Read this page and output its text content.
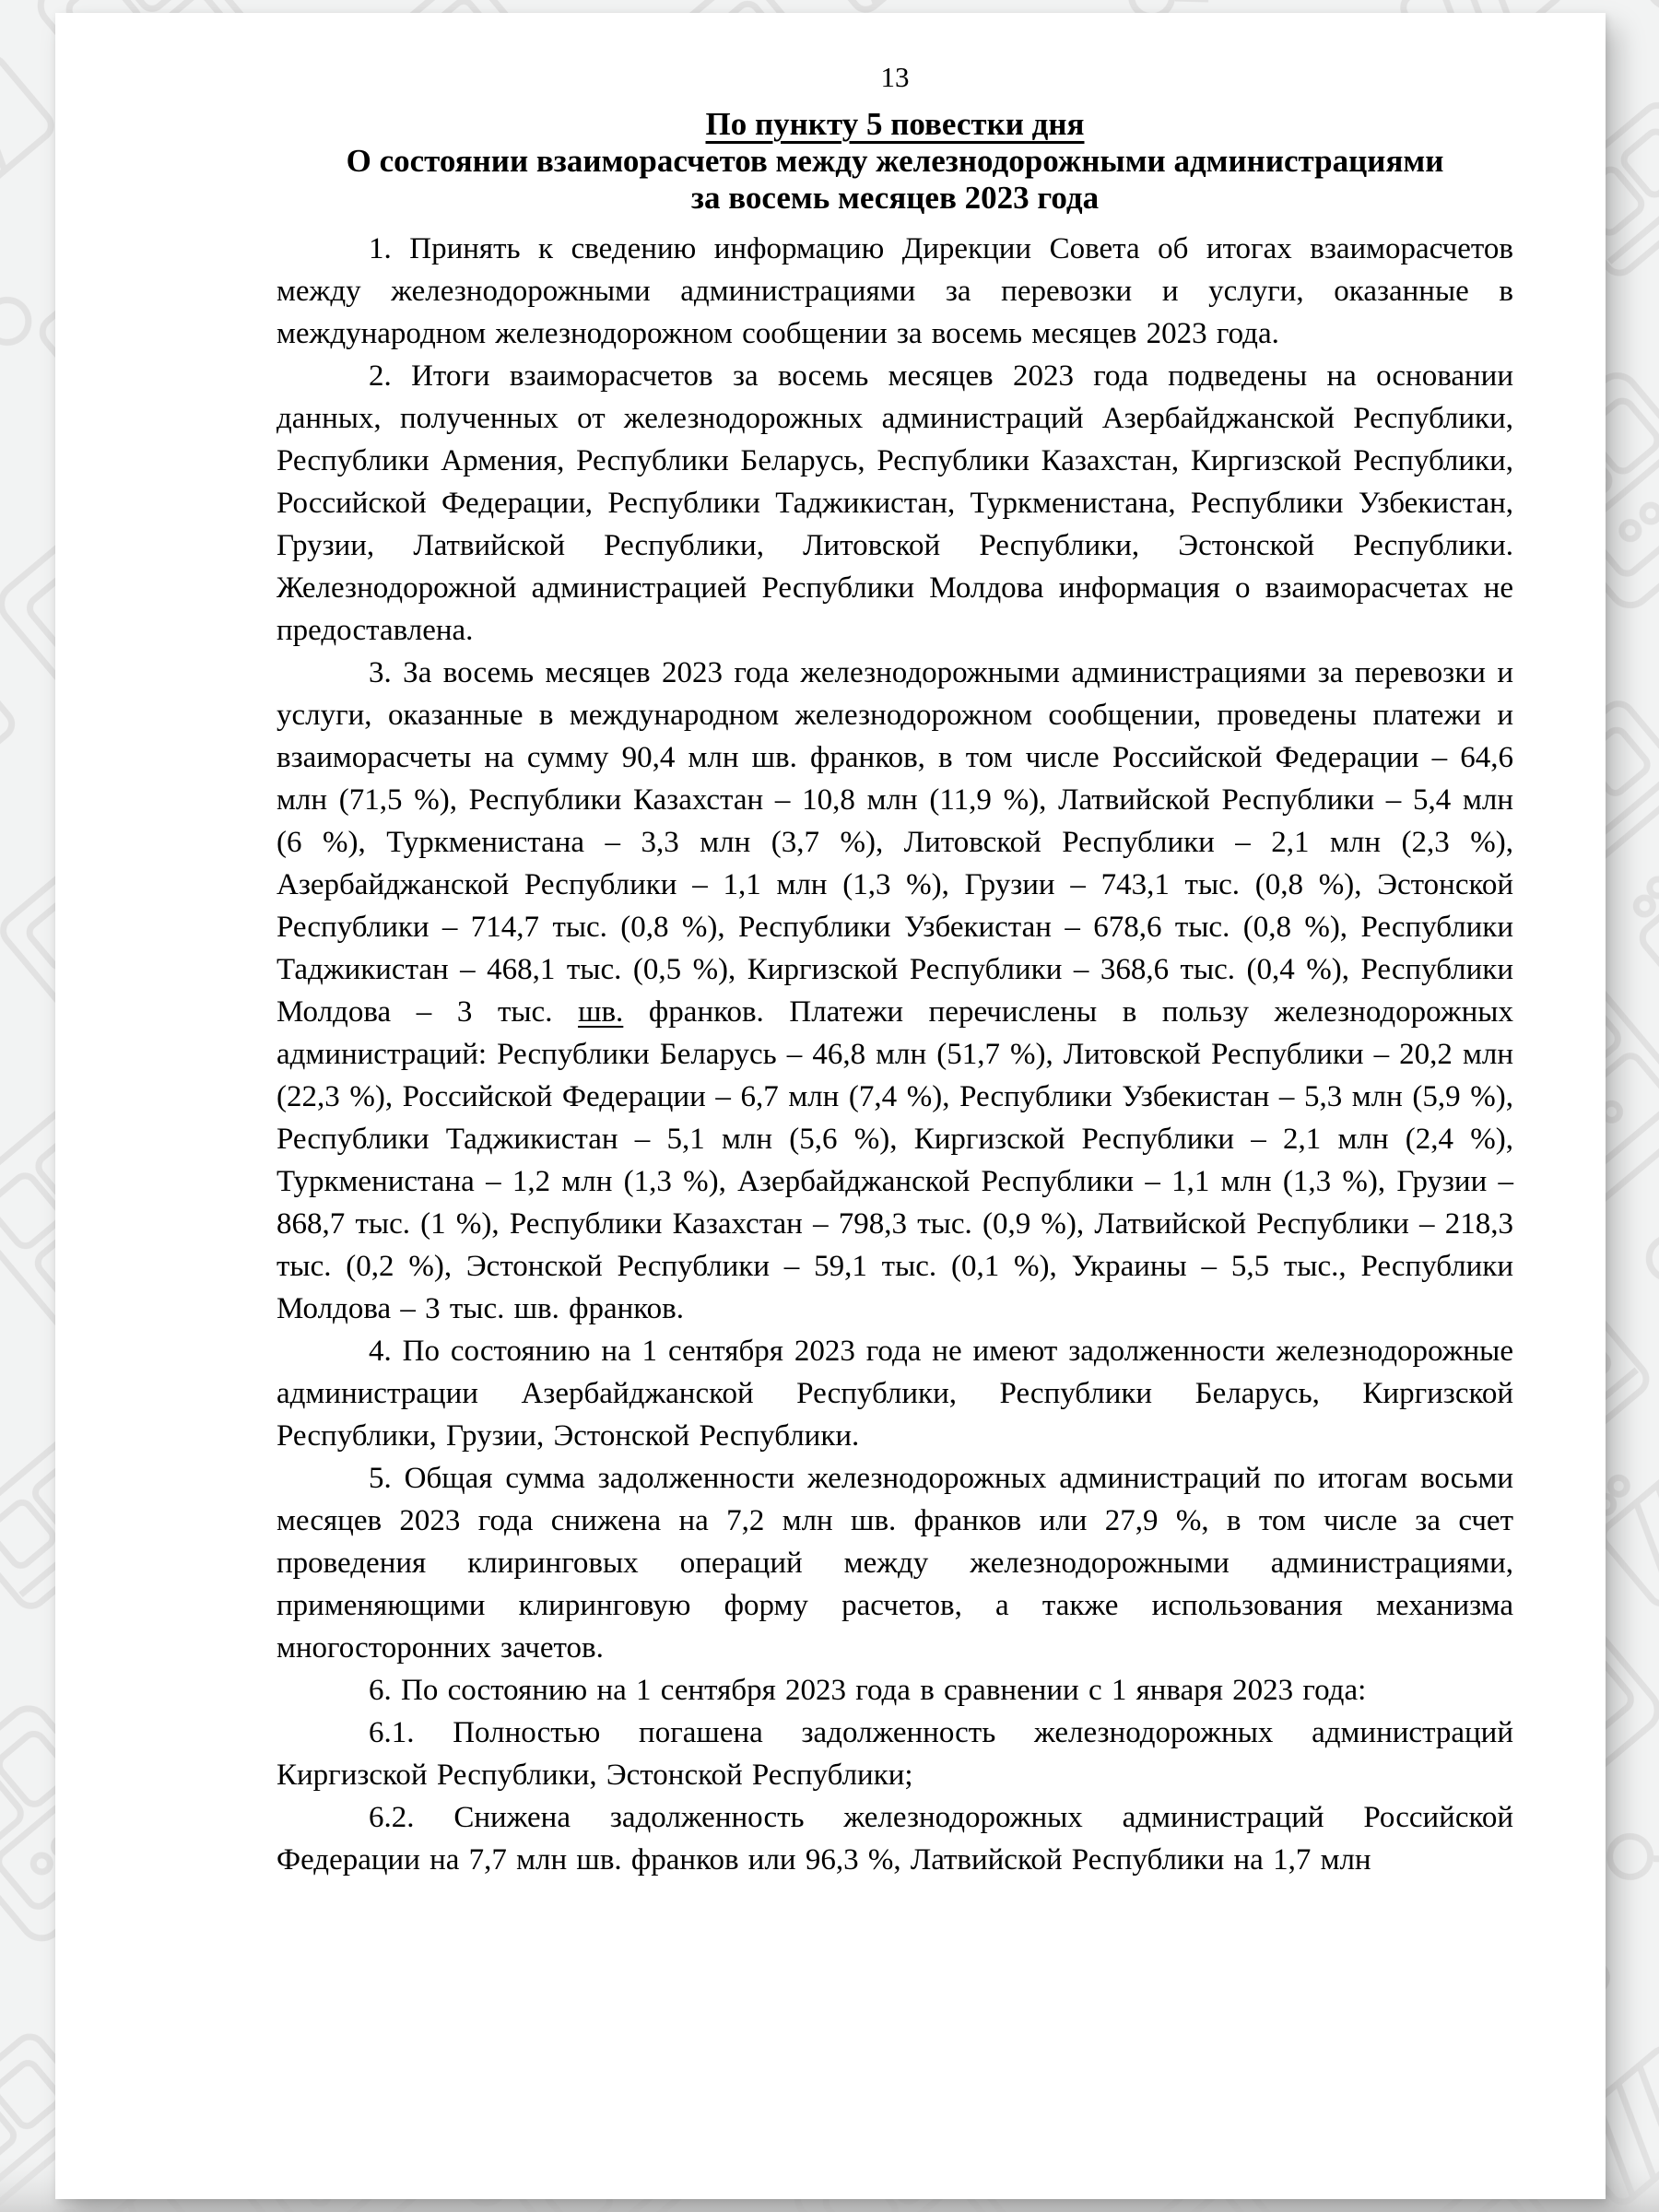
13
По пункту 5 повестки дня
О состоянии взаиморасчетов между железнодорожными администрациями
за восемь месяцев 2023 года

1. Принять к сведению информацию Дирекции Совета об итогах взаиморасчетов между железнодорожными администрациями за перевозки и услуги, оказанные в международном железнодорожном сообщении за восемь месяцев 2023 года.

2. Итоги взаиморасчетов за восемь месяцев 2023 года подведены на основании данных, полученных от железнодорожных администраций Азербайджанской Республики, Республики Армения, Республики Беларусь, Республики Казахстан, Киргизской Республики, Российской Федерации, Республики Таджикистан, Туркменистана, Республики Узбекистан, Грузии, Латвийской Республики, Литовской Республики, Эстонской Республики. Железнодорожной администрацией Республики Молдова информация о взаиморасчетах не предоставлена.

3. За восемь месяцев 2023 года железнодорожными администрациями за перевозки и услуги, оказанные в международном железнодорожном сообщении, проведены платежи и взаиморасчеты на сумму 90,4 млн шв. франков, в том числе Российской Федерации – 64,6 млн (71,5 %), Республики Казахстан – 10,8 млн (11,9 %), Латвийской Республики – 5,4 млн (6 %), Туркменистана – 3,3 млн (3,7 %), Литовской Республики – 2,1 млн (2,3 %), Азербайджанской Республики – 1,1 млн (1,3 %), Грузии – 743,1 тыс. (0,8 %), Эстонской Республики – 714,7 тыс. (0,8 %), Республики Узбекистан – 678,6 тыс. (0,8 %), Республики Таджикистан – 468,1 тыс. (0,5 %), Киргизской Республики – 368,6 тыс. (0,4 %), Республики Молдова – 3 тыс. шв. франков. Платежи перечислены в пользу железнодорожных администраций: Республики Беларусь – 46,8 млн (51,7 %), Литовской Республики – 20,2 млн (22,3 %), Российской Федерации – 6,7 млн (7,4 %), Республики Узбекистан – 5,3 млн (5,9 %), Республики Таджикистан – 5,1 млн (5,6 %), Киргизской Республики – 2,1 млн (2,4 %), Туркменистана – 1,2 млн (1,3 %), Азербайджанской Республики – 1,1 млн (1,3 %), Грузии – 868,7 тыс. (1 %), Республики Казахстан – 798,3 тыс. (0,9 %), Латвийской Республики – 218,3 тыс. (0,2 %), Эстонской Республики – 59,1 тыс. (0,1 %), Украины – 5,5 тыс., Республики Молдова – 3 тыс. шв. франков.

4. По состоянию на 1 сентября 2023 года не имеют задолженности железнодорожные администрации Азербайджанской Республики, Республики Беларусь, Киргизской Республики, Грузии, Эстонской Республики.

5. Общая сумма задолженности железнодорожных администраций по итогам восьми месяцев 2023 года снижена на 7,2 млн шв. франков или 27,9 %, в том числе за счет проведения клиринговых операций между железнодорожными администрациями, применяющими клиринговую форму расчетов, а также использования механизма многосторонних зачетов.

6. По состоянию на 1 сентября 2023 года в сравнении с 1 января 2023 года:

6.1. Полностью погашена задолженность железнодорожных администраций Киргизской Республики, Эстонской Республики;

6.2. Снижена задолженность железнодорожных администраций Российской Федерации на 7,7 млн шв. франков или 96,3 %, Латвийской Республики на 1,7 млн
